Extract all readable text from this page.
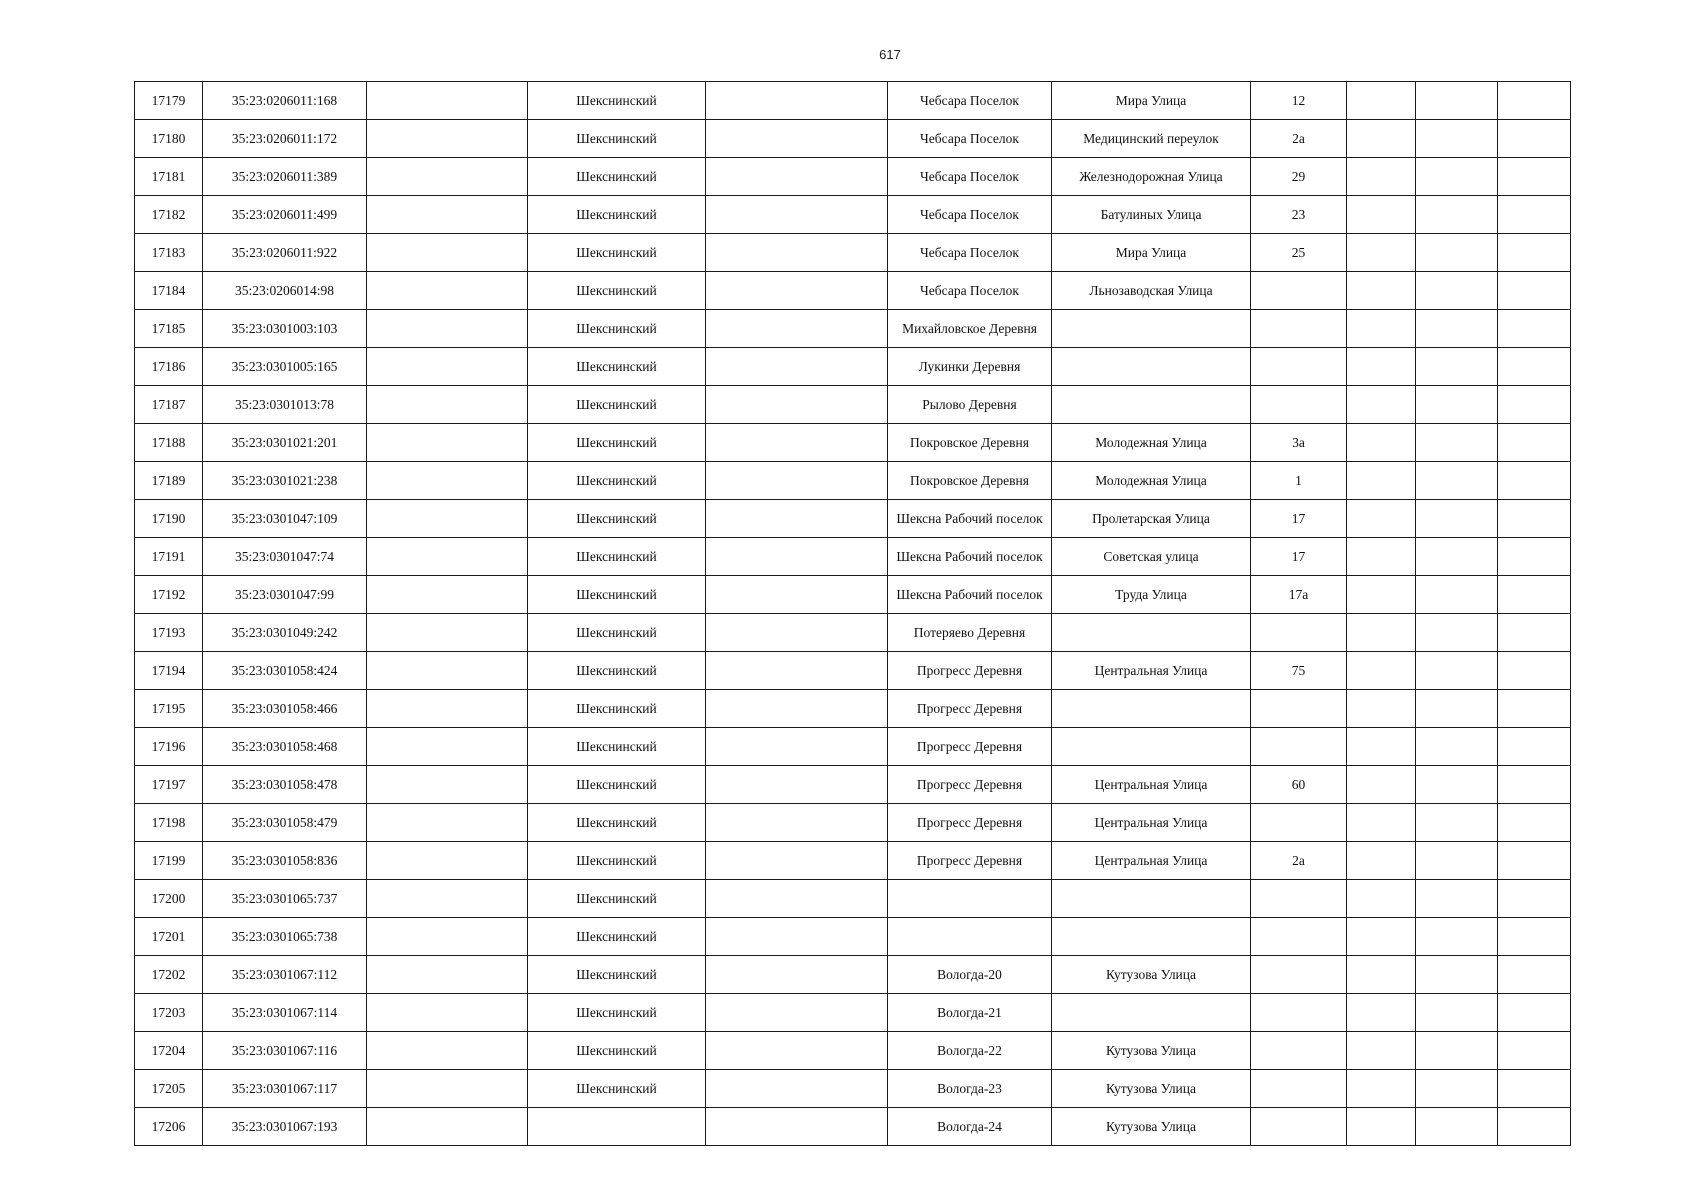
617
17179	35:23:0206011:168		Шекснинский		Чебсара Поселок	Мира Улица	12			
17180	35:23:0206011:172		Шекснинский		Чебсара Поселок	Медицинский переулок	2а			
17181	35:23:0206011:389		Шекснинский		Чебсара Поселок	Железнодорожная Улица	29			
17182	35:23:0206011:499		Шекснинский		Чебсара Поселок	Батулиных Улица	23			
17183	35:23:0206011:922		Шекснинский		Чебсара Поселок	Мира Улица	25			
17184	35:23:0206014:98		Шекснинский		Чебсара Поселок	Льнозаводская Улица				
17185	35:23:0301003:103		Шекснинский		Михайловское Деревня					
17186	35:23:0301005:165		Шекснинский		Лукинки Деревня					
17187	35:23:0301013:78		Шекснинский		Рылово Деревня					
17188	35:23:0301021:201		Шекснинский		Покровское Деревня	Молодежная Улица	3а			
17189	35:23:0301021:238		Шекснинский		Покровское Деревня	Молодежная Улица	1			
17190	35:23:0301047:109		Шекснинский		Шексна Рабочий поселок	Пролетарская Улица	17			
17191	35:23:0301047:74		Шекснинский		Шексна Рабочий поселок	Советская улица	17			
17192	35:23:0301047:99		Шекснинский		Шексна Рабочий поселок	Труда Улица	17а			
17193	35:23:0301049:242		Шекснинский		Потеряево Деревня					
17194	35:23:0301058:424		Шекснинский		Прогресс Деревня	Центральная Улица	75			
17195	35:23:0301058:466		Шекснинский		Прогресс Деревня					
17196	35:23:0301058:468		Шекснинский		Прогресс Деревня					
17197	35:23:0301058:478		Шекснинский		Прогресс Деревня	Центральная Улица	60			
17198	35:23:0301058:479		Шекснинский		Прогресс Деревня	Центральная Улица				
17199	35:23:0301058:836		Шекснинский		Прогресс Деревня	Центральная Улица	2а			
17200	35:23:0301065:737		Шекснинский							
17201	35:23:0301065:738		Шекснинский							
17202	35:23:0301067:112		Шекснинский		Вологда-20	Кутузова Улица				
17203	35:23:0301067:114		Шекснинский		Вологда-21					
17204	35:23:0301067:116		Шекснинский		Вологда-22	Кутузова Улица				
17205	35:23:0301067:117		Шекснинский		Вологда-23	Кутузова Улица				
17206	35:23:0301067:193				Вологда-24	Кутузова Улица				
